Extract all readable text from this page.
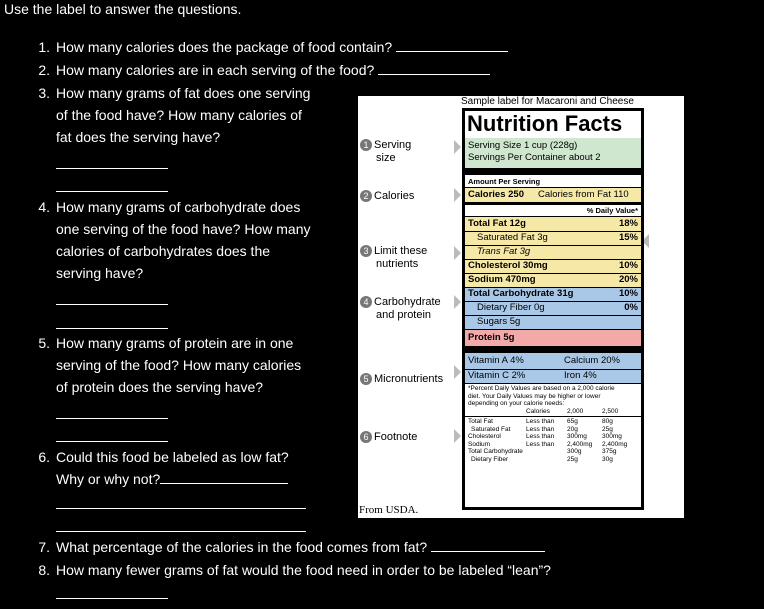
Use the label to answer the questions.
1. How many calories does the package of food contain?
2. How many calories are in each serving of the food?
3. How many grams of fat does one serving
of the food have? How many calories of
fat does the serving have?
4. How many grams of carbohydrate does
one serving of the food have? How many
calories of carbohydrates does the
serving have?
5. How many grams of protein are in one
serving of the food? How many calories
of protein does the serving have?
6. Could this food be labeled as low fat?
Why or why not?
7. What percentage of the calories in the food comes from fat?
8. How many fewer grams of fat would the food need in order to be labeled “lean”?
Sample label for Macaroni and Cheese
1 Serving
size
2 Calories
3 Limit these
nutrients
4 Carbohydrate
and protein
5 Micronutrients
6 Footnote
Guide
to %
Daily
Value
Nutrition Facts
Serving Size 1 cup (228g)
Servings Per Container about 2
Amount Per Serving
Calories 250 Calories from Fat 110
% Daily Value*
Total Fat 12g	18%
Saturated Fat 3g	15%
Trans Fat 3g
Cholesterol 30mg	10%
Sodium 470mg	20%
Total Carbohydrate 31g	10%
Dietary Fiber 0g	0%
Sugars 5g
Protein 5g
Vitamin A 4%	Calcium 20%
Vitamin C 2%	Iron 4%
*Percent Daily Values are based on a 2,000 calorie
diet. Your Daily Values may be higher or lower
depending on your calorie needs:
Calories	2,000	2,500
Total Fat	Less than 65g	80g
Saturated Fat Less than 20g	25g
Cholesterol	Less than 300mg 300mg
Sodium	Less than 2,400mg 2,400mg
Total Carbohydrate	300g	375g
Dietary Fiber	25g	30g
From USDA.
